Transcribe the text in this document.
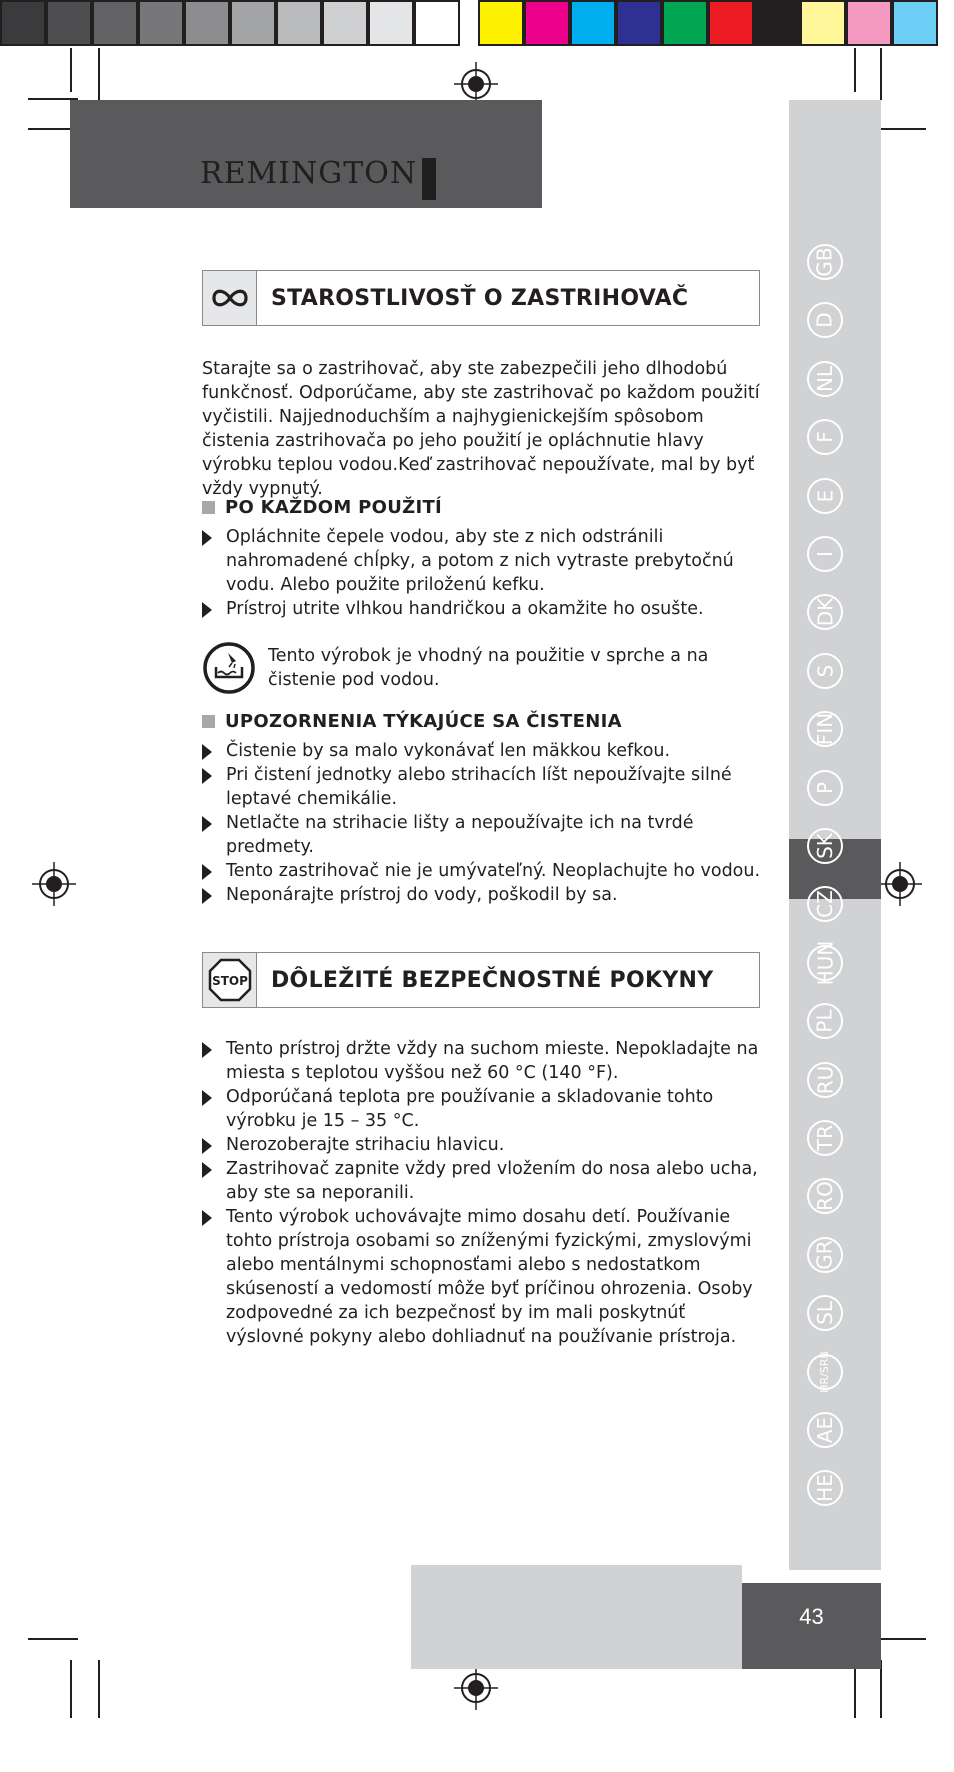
REMINGTON
GB
D
NL
F
E
I
DK
S
FIN
P
SK
CZ
HUN
PL
RU
TR
RO
GR
SL
HR/SRB
AE
HE
STAROSTLIVOSŤ O ZASTRIHOVAČ
Starajte sa o zastrihovač, aby ste zabezpečili jeho dlhodobú funkčnosť. Odporúčame, aby ste zastrihovač po každom použití vyčistili. Najjednoduchším a najhygienickejším spôsobom čistenia zastrihovača po jeho použití je opláchnutie hlavy výrobku teplou vodou.Keď zastrihovač nepoužívate, mal by byť vždy vypnutý.
PO KAŽDOM POUŽITÍ
Opláchnite čepele vodou, aby ste z nich odstránili nahromadené chĺpky, a potom z nich vytraste prebytočnú vodu. Alebo použite priloženú kefku.
Prístroj utrite vlhkou handričkou a okamžite ho osušte.
Tento výrobok je vhodný na použitie v sprche a na čistenie pod vodou.
UPOZORNENIA TÝKAJÚCE SA ČISTENIA
Čistenie by sa malo vykonávať len mäkkou kefkou.
Pri čistení jednotky alebo strihacích líšt nepoužívajte silné leptavé chemikálie.
Netlačte na strihacie lišty a nepoužívajte ich na tvrdé predmety.
Tento zastrihovač nie je umývateľný. Neoplachujte ho vodou.
Neponárajte prístroj do vody, poškodil by sa.
STOP DÔLEŽITÉ BEZPEČNOSTNÉ POKYNY
Tento prístroj držte vždy na suchom mieste. Nepokladajte na miesta s teplotou vyššou než 60 °C (140 °F).
Odporúčaná teplota pre používanie a skladovanie tohto výrobku je 15 – 35 °C.
Nerozoberajte strihaciu hlavicu.
Zastrihovač zapnite vždy pred vložením do nosa alebo ucha, aby ste sa neporanili.
Tento výrobok uchovávajte mimo dosahu detí. Používanie tohto prístroja osobami so zníženými fyzickými, zmyslovými alebo mentálnymi schopnosťami alebo s nedostatkom skúseností a vedomostí môže byť príčinou ohrozenia. Osoby zodpovedné za ich bezpečnosť by im mali poskytnúť výslovné pokyny alebo dohliadnuť na používanie prístroja.
43
